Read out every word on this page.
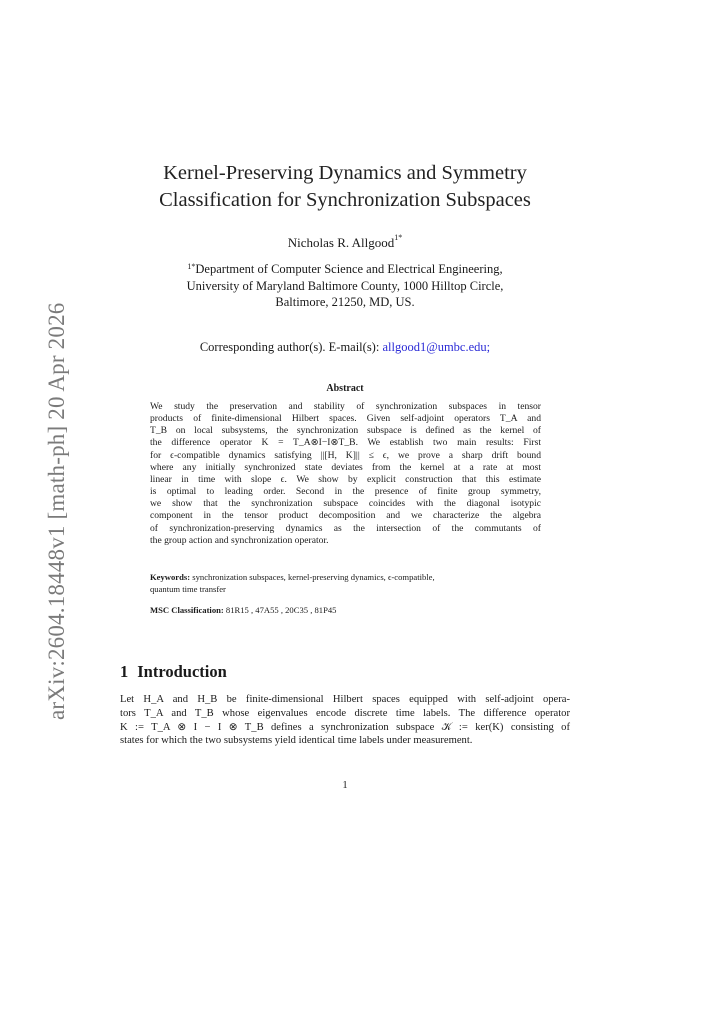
arXiv:2604.18448v1 [math-ph] 20 Apr 2026
Kernel-Preserving Dynamics and Symmetry
Classification for Synchronization Subspaces
Nicholas R. Allgood$^{1*}$
$^{1*}$Department of Computer Science and Electrical Engineering,
University of Maryland Baltimore County, 1000 Hilltop Circle,
Baltimore, 21250, MD, US.
Corresponding author(s). E-mail(s): allgood1@umbc.edu;
Abstract
We study the preservation and stability of synchronization subspaces in tensor
products of finite-dimensional Hilbert spaces. Given self-adjoint operators T_A and
T_B on local subsystems, the synchronization subspace is defined as the kernel of
the difference operator K = T_A⊗I−I⊗T_B. We establish two main results: First
for ϵ-compatible dynamics satisfying ||[H, K]|| ≤ ϵ, we prove a sharp drift bound
where any initially synchronized state deviates from the kernel at a rate at most
linear in time with slope ϵ. We show by explicit construction that this estimate
is optimal to leading order. Second in the presence of finite group symmetry,
we show that the synchronization subspace coincides with the diagonal isotypic
component in the tensor product decomposition and we characterize the algebra
of synchronization-preserving dynamics as the intersection of the commutants of
the group action and synchronization operator.
Keywords: synchronization subspaces, kernel-preserving dynamics, ϵ-compatible,
quantum time transfer
MSC Classification: 81R15 , 47A55 , 20C35 , 81P45
1 Introduction
Let H_A and H_B be finite-dimensional Hilbert spaces equipped with self-adjoint opera-
tors T_A and T_B whose eigenvalues encode discrete time labels. The difference operator
K := T_A ⊗ I − I ⊗ T_B defines a synchronization subspace 𝒦 := ker(K) consisting of
states for which the two subsystems yield identical time labels under measurement.
1
